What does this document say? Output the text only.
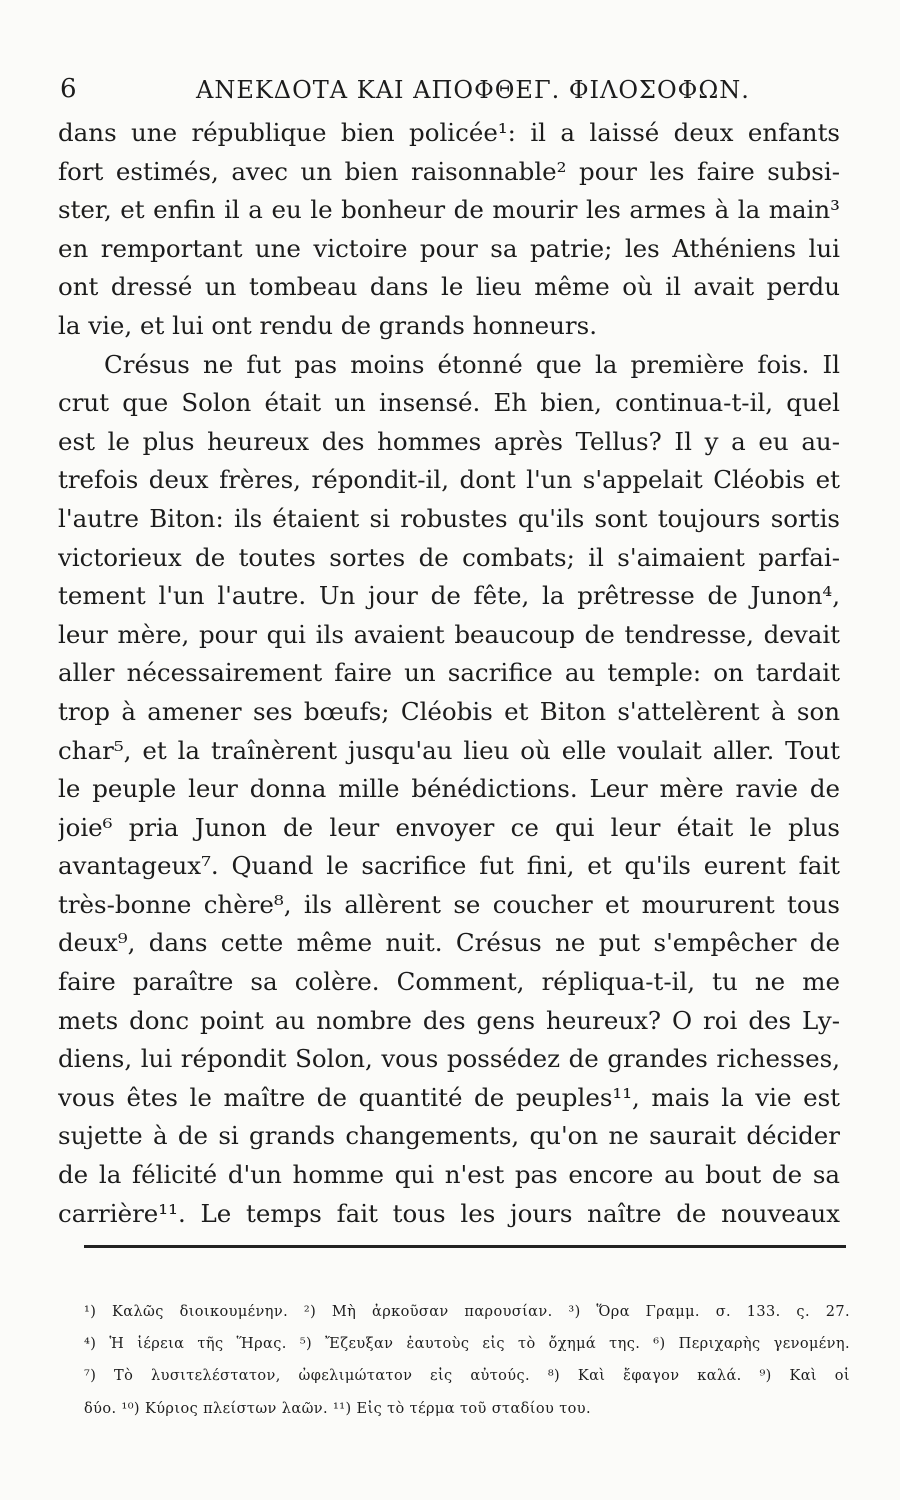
6	ΑΝΕΚΔΟΤΑ ΚΑΙ ΑΠΟΦΘΕΓ. ΦΙΛΟΣΟΦΩΝ.
dans une république bien policée¹: il a laissé deux enfants
fort estimés, avec un bien raisonnable² pour les faire subsi-
ster, et enfin il a eu le bonheur de mourir les armes à la main³
en remportant une victoire pour sa patrie; les Athéniens lui
ont dressé un tombeau dans le lieu même où il avait perdu
la vie, et lui ont rendu de grands honneurs.
Crésus ne fut pas moins étonné que la première fois. Il
crut que Solon était un insensé. Eh bien, continua-t-il, quel
est le plus heureux des hommes après Tellus? Il y a eu au-
trefois deux frères, répondit-il, dont l'un s'appelait Cléobis et
l'autre Biton: ils étaient si robustes qu'ils sont toujours sortis
victorieux de toutes sortes de combats; il s'aimaient parfai-
tement l'un l'autre. Un jour de fête, la prêtresse de Junon⁴,
leur mère, pour qui ils avaient beaucoup de tendresse, devait
aller nécessairement faire un sacrifice au temple: on tardait
trop à amener ses bœufs; Cléobis et Biton s'attelèrent à son
char⁵, et la traînèrent jusqu'au lieu où elle voulait aller. Tout
le peuple leur donna mille bénédictions. Leur mère ravie de
joie⁶ pria Junon de leur envoyer ce qui leur était le plus
avantageux⁷. Quand le sacrifice fut fini, et qu'ils eurent fait
très-bonne chère⁸, ils allèrent se coucher et moururent tous
deux⁹, dans cette même nuit. Crésus ne put s'empêcher de
faire paraître sa colère. Comment, répliqua-t-il, tu ne me
mets donc point au nombre des gens heureux? O roi des Ly-
diens, lui répondit Solon, vous possédez de grandes richesses,
vous êtes le maître de quantité de peuples¹¹, mais la vie est
sujette à de si grands changements, qu'on ne saurait décider
de la félicité d'un homme qui n'est pas encore au bout de sa
carrière¹¹. Le temps fait tous les jours naître de nouveaux
¹) Καλῶς διοικουμένην. ²) Μὴ ἀρκοῦσαν παρουσίαν. ³) Ὅρα Γραμμ. σ. 133. ς. 27.
⁴) Ἡ ἱέρεια τῆς Ἥρας. ⁵) Ἔζευξαν ἑαυτοὺς εἰς τὸ ὄχημά της. ⁶) Περιχαρὴς γενομένη.
⁷) Τὸ λυσιτελέστατον, ὠφελιμώτατον εἰς αὐτούς. ⁸) Καὶ ἔφαγον καλά. ⁹) Καὶ οἱ
δύο. ¹⁰) Κύριος πλείστων λαῶν. ¹¹) Εἰς τὸ τέρμα τοῦ σταδίου του.
